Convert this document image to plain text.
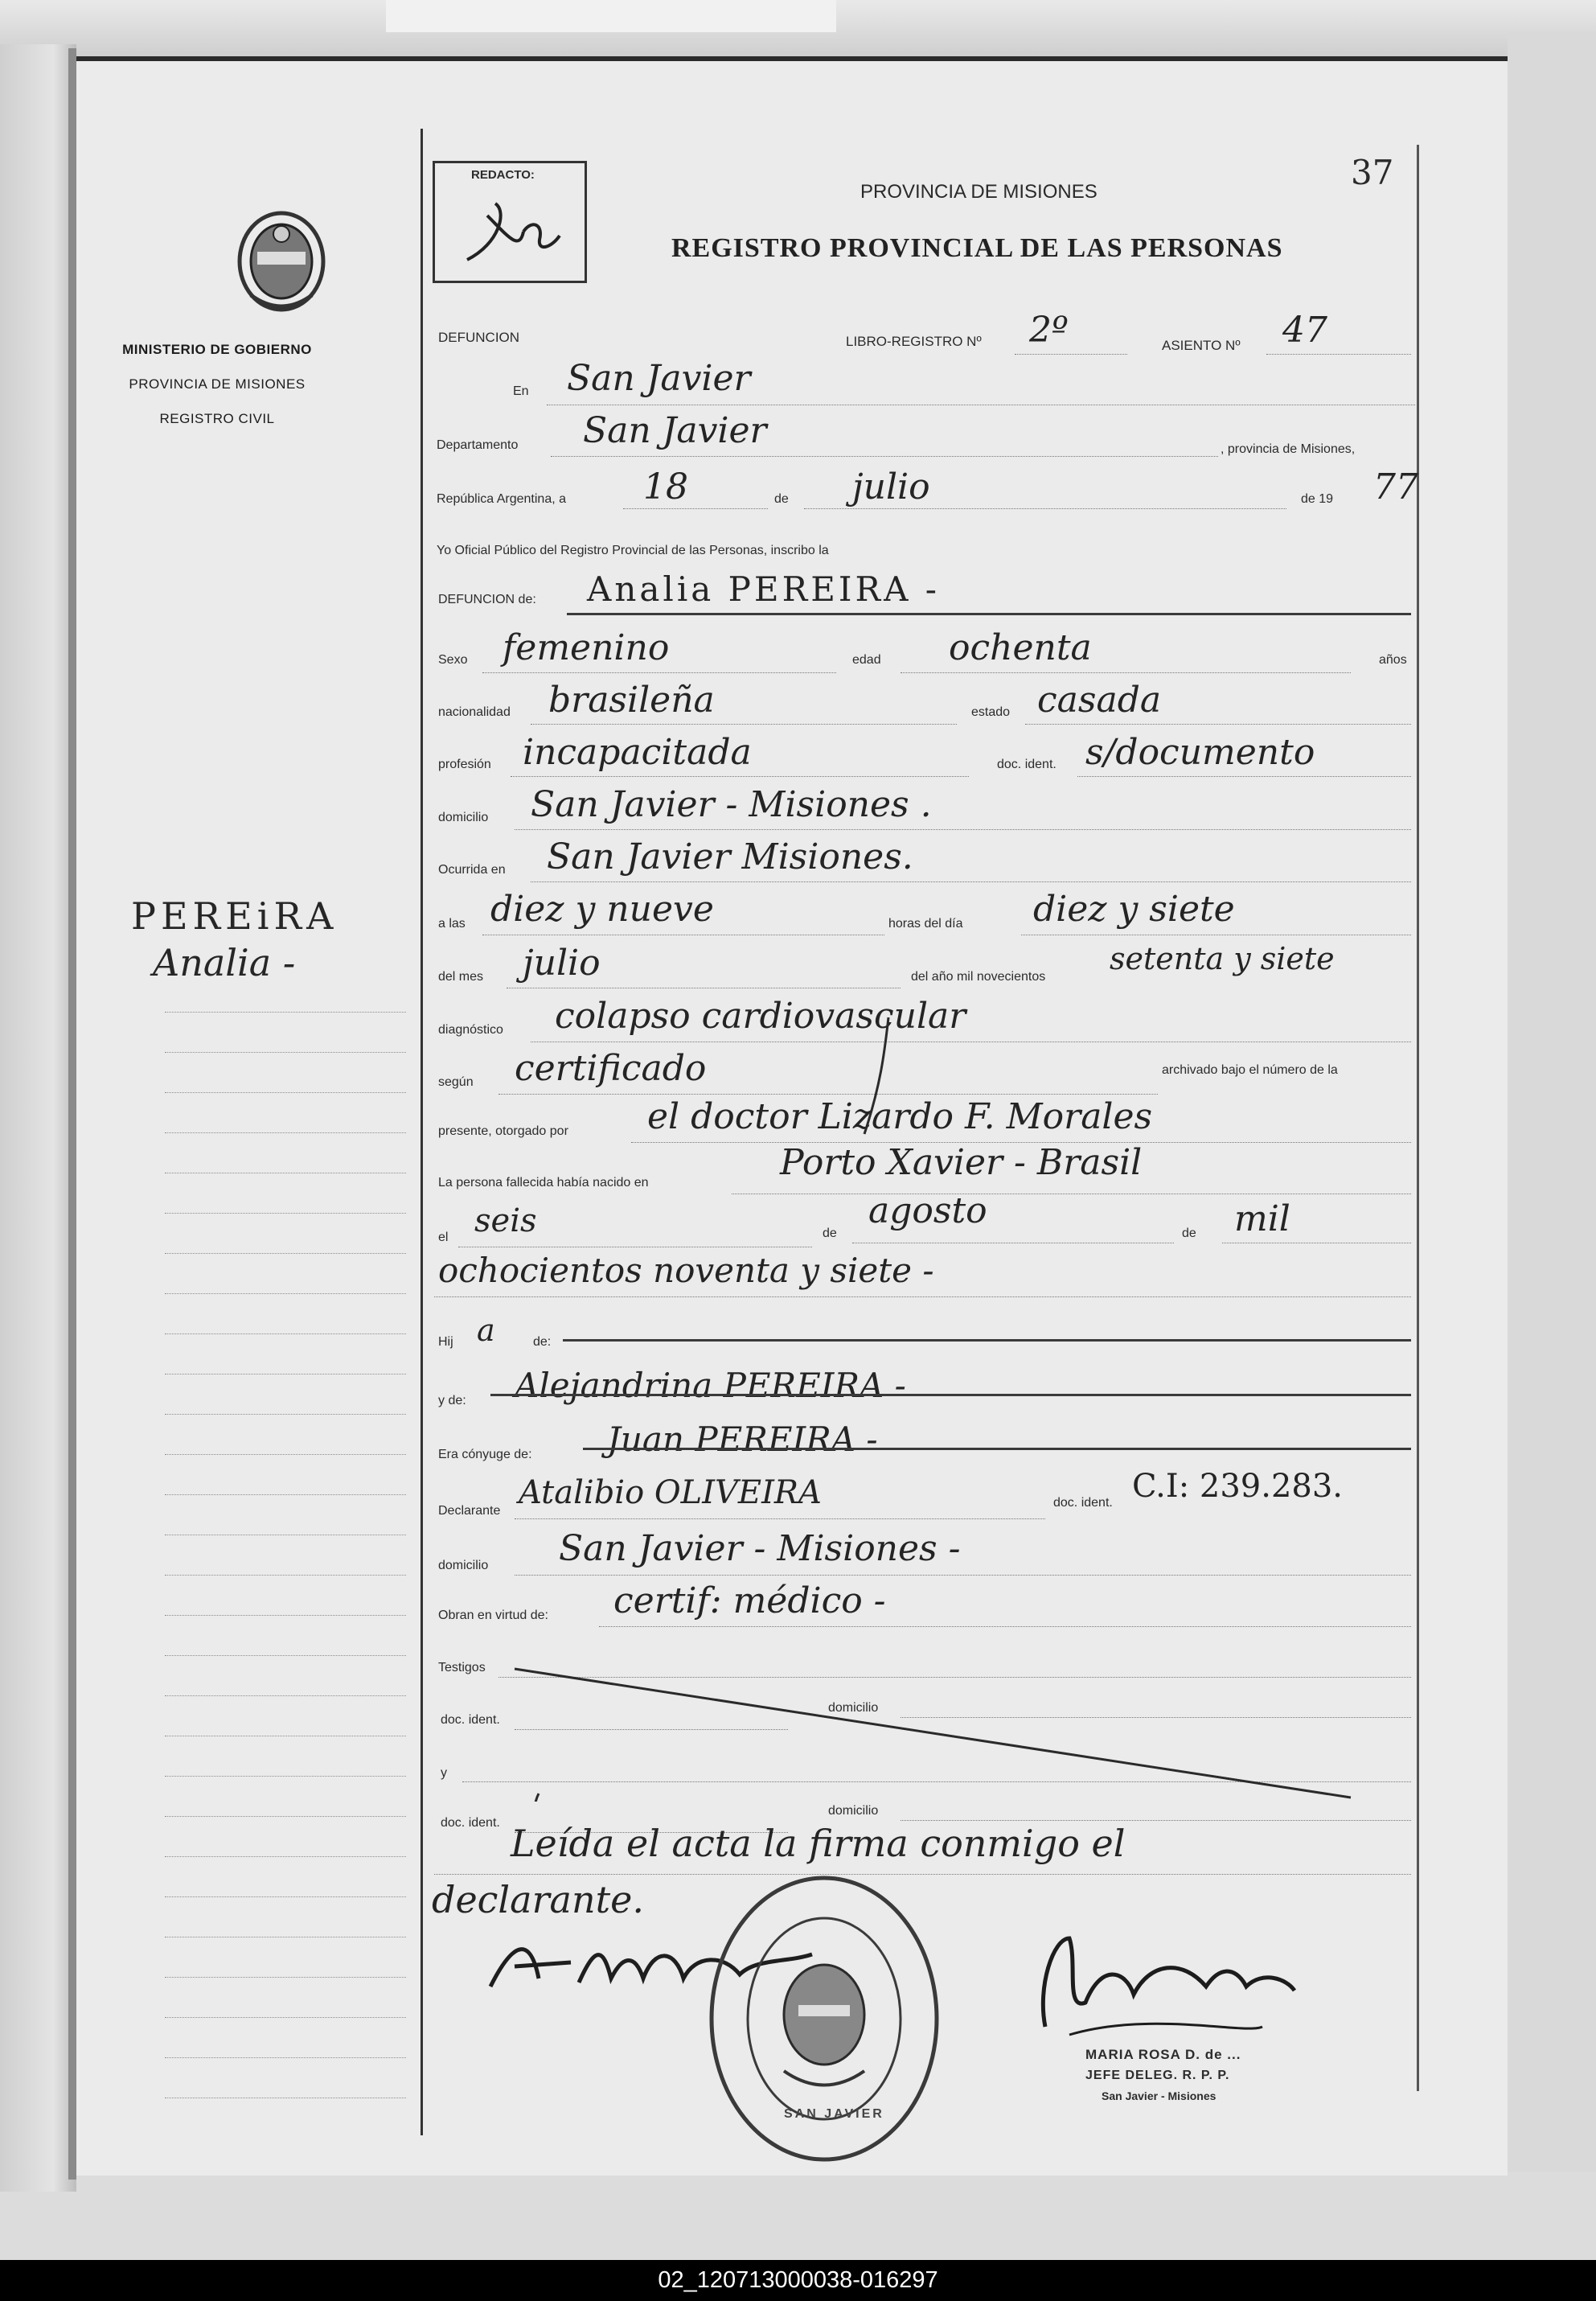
MINISTERIO DE GOBIERNO
PROVINCIA DE MISIONES
REGISTRO CIVIL
PEREiRA
Analia -
REDACTO:	37
PROVINCIA DE MISIONES
REGISTRO PROVINCIAL DE LAS PERSONAS
DEFUNCION	LIBRO-REGISTRO Nº 2º	ASIENTO Nº 47
En San Javier
Departamento San Javier	, provincia de Misiones,
República Argentina, a 18	de julio	de 19 77
Yo Oficial Público del Registro Provincial de las Personas, inscribo la
DEFUNCION de: Analia PEREIRA -
Sexo femenino	edad ochenta	años
nacionalidad brasileña	estado casada
profesión incapacitada	doc. ident. s/documento
domicilio San Javier - Misiones .
Ocurrida en San Javier Misiones.
a las diez y nueve	horas del día diez y siete
del mes julio	del año mil novecientos
setenta y siete
diagnóstico colapso cardiovascular
según certificado	archivado bajo el número de la
presente, otorgado por el doctor Lizardo F. Morales
La persona fallecida había nacido en	Porto Xavier - Brasil
el seis	de
agosto
de mil
ochocientos noventa y siete -
Hij a	de:
y de: Alejandrina PEREIRA -
Era cónyuge de: Juan PEREIRA -
Declarante Atalibio OLIVEIRA	doc. ident. C.I: 239.283.
domicilio San Javier - Misiones -
Obran en virtud de: certif: médico -
Testigos
doc. ident.
domicilio
y
doc. ident.
domicilio
Leída el acta la firma conmigo el
declarante.
SAN JAVIER
MARIA ROSA D. de ...
JEFE DELEG. R. P. P.
San Javier - Misiones
02_120713000038-016297
